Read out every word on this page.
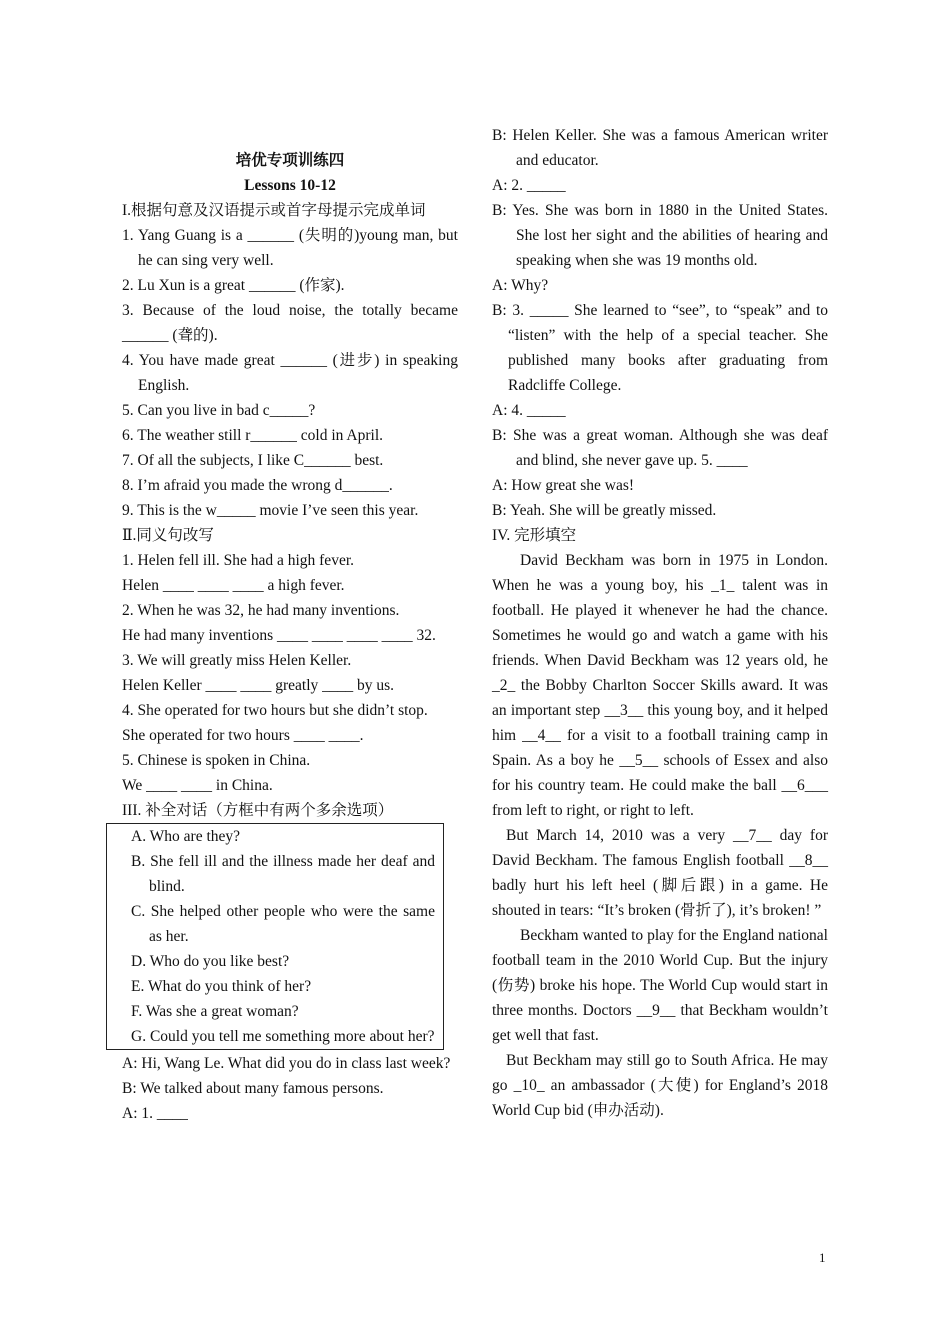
培优专项训练四
Lessons 10-12
I.根据句意及汉语提示或首字母提示完成单词
1. Yang Guang is a ______ (失明的)young man, but he can sing very well.
2. Lu Xun is a great ______ (作家).
3. Because of the loud noise, the totally became ______ (聋的).
4. You have made great ______ (进步) in speaking English.
5. Can you live in bad c_____?
6. The weather still r______ cold in April.
7. Of all the subjects, I like C______ best.
8. I’m afraid you made the wrong d______.
9. This is the w_____ movie I’ve seen this year.
Ⅱ.同义句改写
1. Helen fell ill. She had a high fever.
Helen ____ ____ ____ a high fever.
2. When he was 32, he had many inventions.
He had many inventions ____ ____ ____ ____ 32.
3. We will greatly miss Helen Keller.
Helen Keller ____ ____ greatly ____ by us.
4. She operated for two hours but she didn’t stop.
She operated for two hours ____ ____.
5. Chinese is spoken in China.
We ____ ____ in China.
III. 补全对话（方框中有两个多余选项）
A. Who are they?
B. She fell ill and the illness made her deaf and blind.
C. She helped other people who were the same as her.
D. Who do you like best?
E. What do you think of her?
F. Was she a great woman?
G. Could you tell me something more about her?
A: Hi, Wang Le. What did you do in class last week?
B: We talked about many famous persons.
A: 1. ____
B: Helen Keller. She was a famous American writer and educator.
A: 2. _____
B: Yes. She was born in 1880 in the United States. She lost her sight and the abilities of hearing and speaking when she was 19 months old.
A: Why?
B: 3. _____ She learned to “see”, to “speak” and to “listen” with the help of a special teacher. She published many books after graduating from Radcliffe College.
A: 4. _____
B: She was a great woman. Although she was deaf and blind, she never gave up. 5. ____
A: How great she was!
B: Yeah. She will be greatly missed.
IV. 完形填空
David Beckham was born in 1975 in London. When he was a young boy, his _1_ talent was in football. He played it whenever he had the chance. Sometimes he would go and watch a game with his friends. When David Beckham was 12 years old, he _2_ the Bobby Charlton Soccer Skills award. It was an important step __3__ this young boy, and it helped him __4__ for a visit to a football training camp in Spain. As a boy he __5__ schools of Essex and also for his country team. He could make the ball __6___ from left to right, or right to left.
But March 14, 2010 was a very __7__ day for David Beckham. The famous English football __8__ badly hurt his left heel (脚后跟) in a game. He shouted in tears: “It’s broken (骨折了), it’s broken! ”
Beckham wanted to play for the England national football team in the 2010 World Cup. But the injury (伤势) broke his hope. The World Cup would start in three months. Doctors __9__ that Beckham wouldn’t get well that fast.
But Beckham may still go to South Africa. He may go _10_ an ambassador (大使) for England’s 2018 World Cup bid (申办活动).
1
